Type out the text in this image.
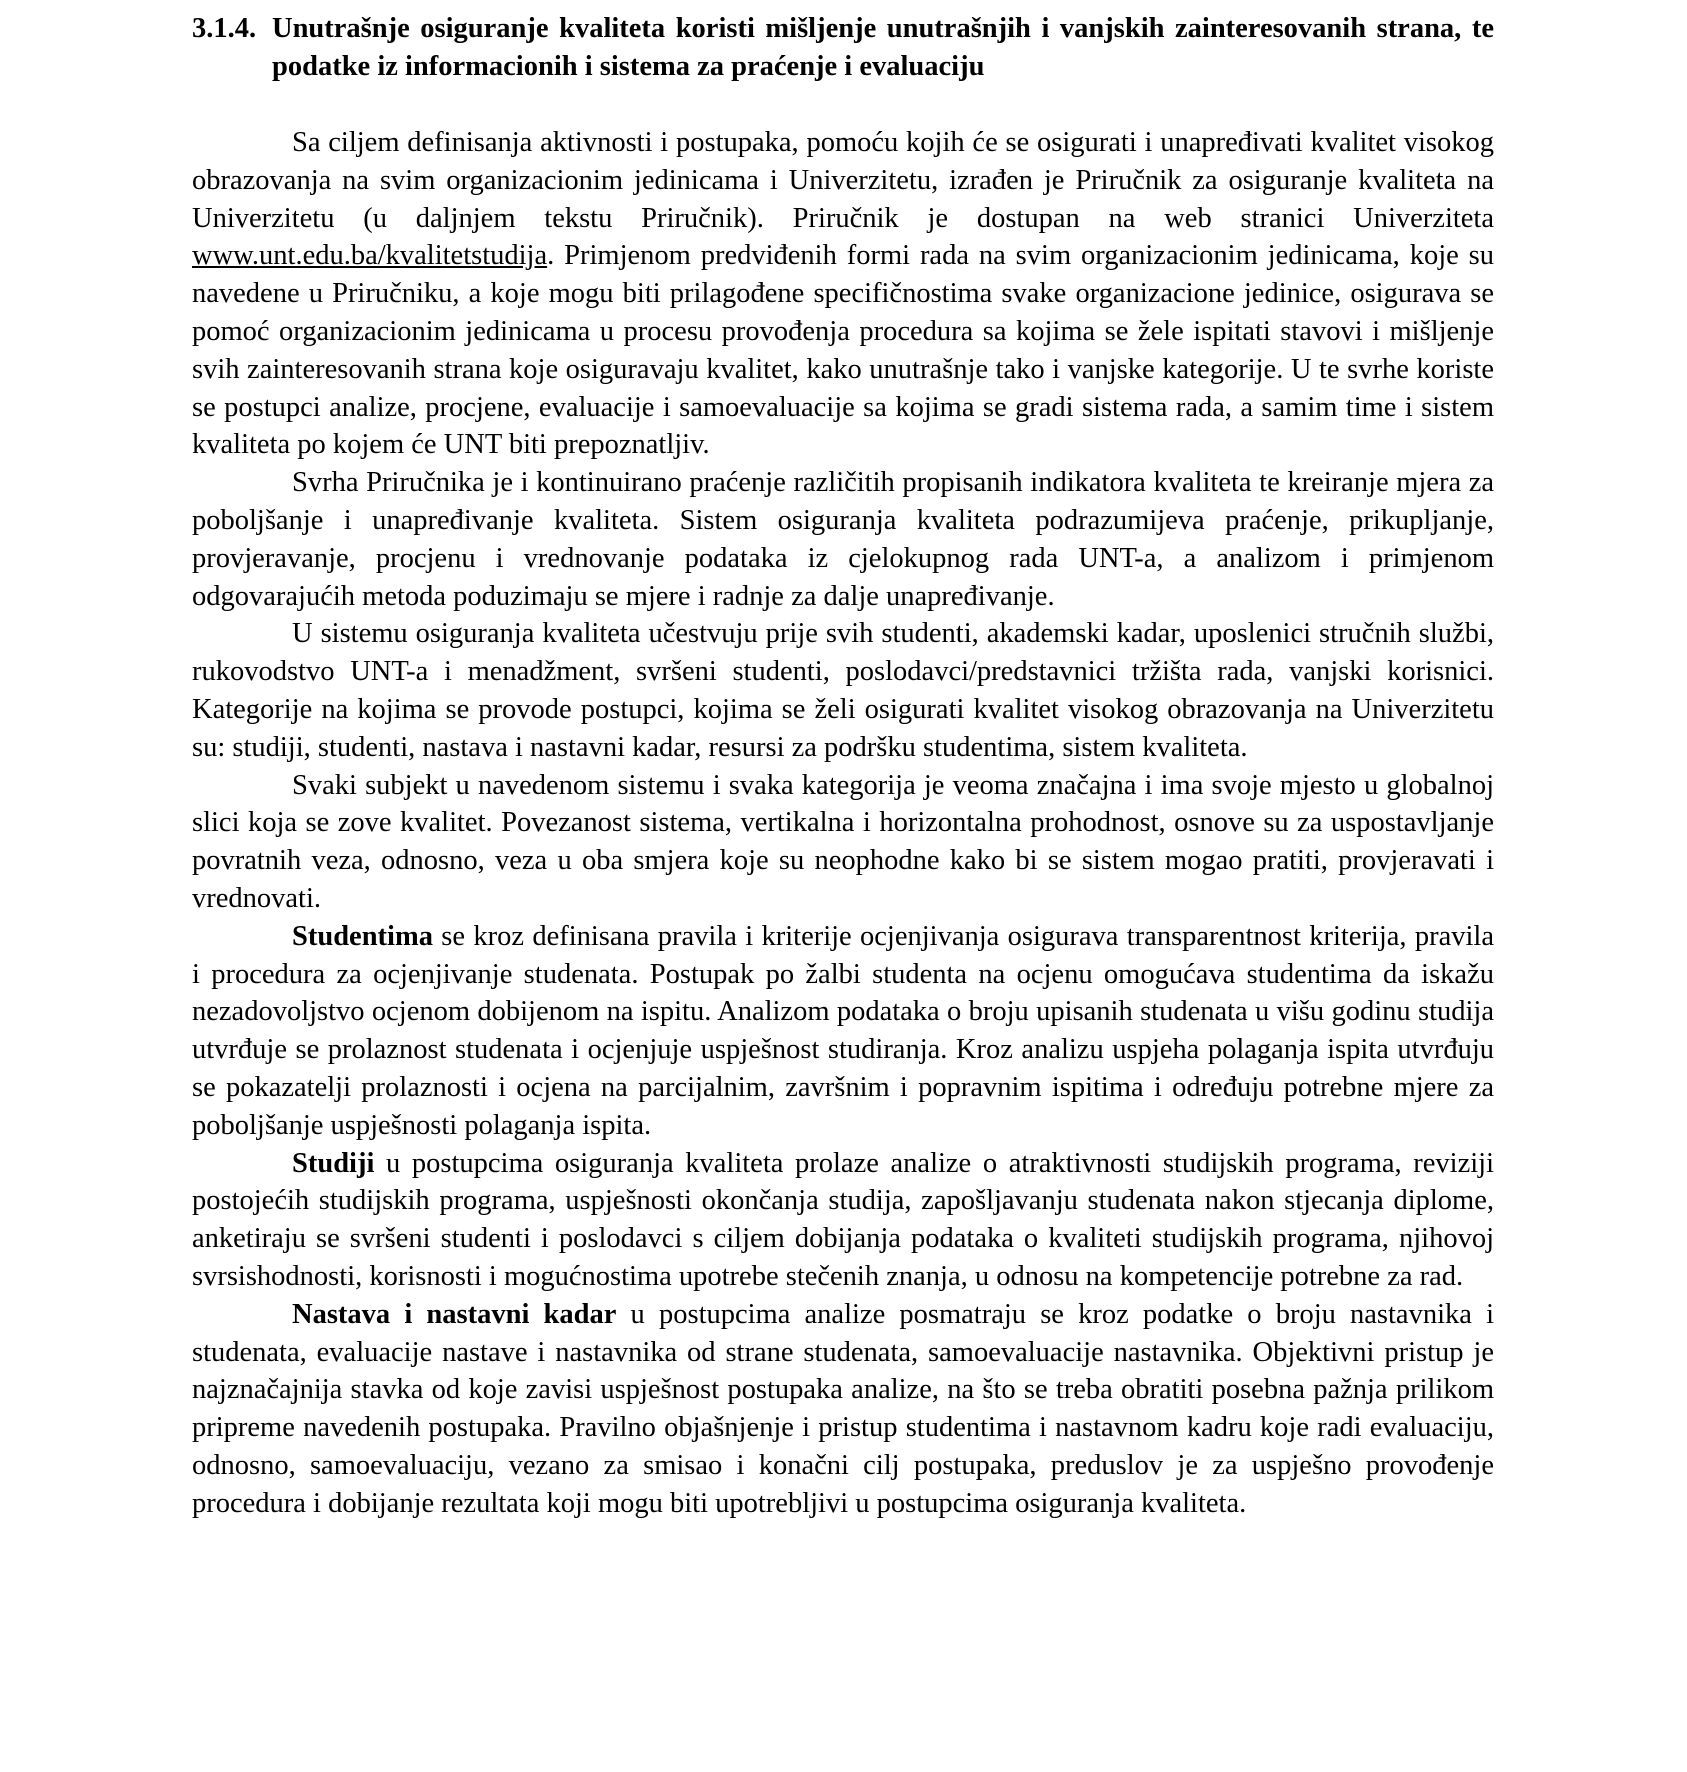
3.1.4. Unutrašnje osiguranje kvaliteta koristi mišljenje unutrašnjih i vanjskih zainteresovanih strana, te podatke iz informacionih i sistema za praćenje i evaluaciju

Sa ciljem definisanja aktivnosti i postupaka, pomoću kojih će se osigurati i unapređivati kvalitet visokog obrazovanja na svim organizacionim jedinicama i Univerzitetu, izrađen je Priručnik za osiguranje kvaliteta na Univerzitetu (u daljnjem tekstu Priručnik). Priručnik je dostupan na web stranici Univerziteta www.unt.edu.ba/kvalitetstudija. Primjenom predviđenih formi rada na svim organizacionim jedinicama, koje su navedene u Priručniku, a koje mogu biti prilagođene specifičnostima svake organizacione jedinice, osigurava se pomoć organizacionim jedinicama u procesu provođenja procedura sa kojima se žele ispitati stavovi i mišljenje svih zainteresovanih strana koje osiguravaju kvalitet, kako unutrašnje tako i vanjske kategorije. U te svrhe koriste se postupci analize, procjene, evaluacije i samoevaluacije sa kojima se gradi sistema rada, a samim time i sistem kvaliteta po kojem će UNT biti prepoznatljiv.

Svrha Priručnika je i kontinuirano praćenje različitih propisanih indikatora kvaliteta te kreiranje mjera za poboljšanje i unapređivanje kvaliteta. Sistem osiguranja kvaliteta podrazumijeva praćenje, prikupljanje, provjeravanje, procjenu i vrednovanje podataka iz cjelokupnog rada UNT-a, a analizom i primjenom odgovarajućih metoda poduzimaju se mjere i radnje za dalje unapređivanje.

U sistemu osiguranja kvaliteta učestvuju prije svih studenti, akademski kadar, uposlenici stručnih službi, rukovodstvo UNT-a i menadžment, svršeni studenti, poslodavci/predstavnici tržišta rada, vanjski korisnici. Kategorije na kojima se provode postupci, kojima se želi osigurati kvalitet visokog obrazovanja na Univerzitetu su: studiji, studenti, nastava i nastavni kadar, resursi za podršku studentima, sistem kvaliteta.

Svaki subjekt u navedenom sistemu i svaka kategorija je veoma značajna i ima svoje mjesto u globalnoj slici koja se zove kvalitet. Povezanost sistema, vertikalna i horizontalna prohodnost, osnove su za uspostavljanje povratnih veza, odnosno, veza u oba smjera koje su neophodne kako bi se sistem mogao pratiti, provjeravati i vrednovati.

Studentima se kroz definisana pravila i kriterije ocjenjivanja osigurava transparentnost kriterija, pravila i procedura za ocjenjivanje studenata. Postupak po žalbi studenta na ocjenu omogućava studentima da iskažu nezadovoljstvo ocjenom dobijenom na ispitu. Analizom podataka o broju upisanih studenata u višu godinu studija utvrđuje se prolaznost studenata i ocjenjuje uspješnost studiranja. Kroz analizu uspjeha polaganja ispita utvrđuju se pokazatelji prolaznosti i ocjena na parcijalnim, završnim i popravnim ispitima i određuju potrebne mjere za poboljšanje uspješnosti polaganja ispita.

Studiji u postupcima osiguranja kvaliteta prolaze analize o atraktivnosti studijskih programa, reviziji postojećih studijskih programa, uspješnosti okončanja studija, zapošljavanju studenata nakon stjecanja diplome, anketiraju se svršeni studenti i poslodavci s ciljem dobijanja podataka o kvaliteti studijskih programa, njihovoj svrsishodnosti, korisnosti i mogućnostima upotrebe stečenih znanja, u odnosu na kompetencije potrebne za rad.

Nastava i nastavni kadar u postupcima analize posmatraju se kroz podatke o broju nastavnika i studenata, evaluacije nastave i nastavnika od strane studenata, samoevaluacije nastavnika. Objektivni pristup je najznačajnija stavka od koje zavisi uspješnost postupaka analize, na što se treba obratiti posebna pažnja prilikom pripreme navedenih postupaka. Pravilno objašnjenje i pristup studentima i nastavnom kadru koje radi evaluaciju, odnosno, samoevaluaciju, vezano za smisao i konačni cilj postupaka, preduslov je za uspješno provođenje procedura i dobijanje rezultata koji mogu biti upotrebljivi u postupcima osiguranja kvaliteta.
